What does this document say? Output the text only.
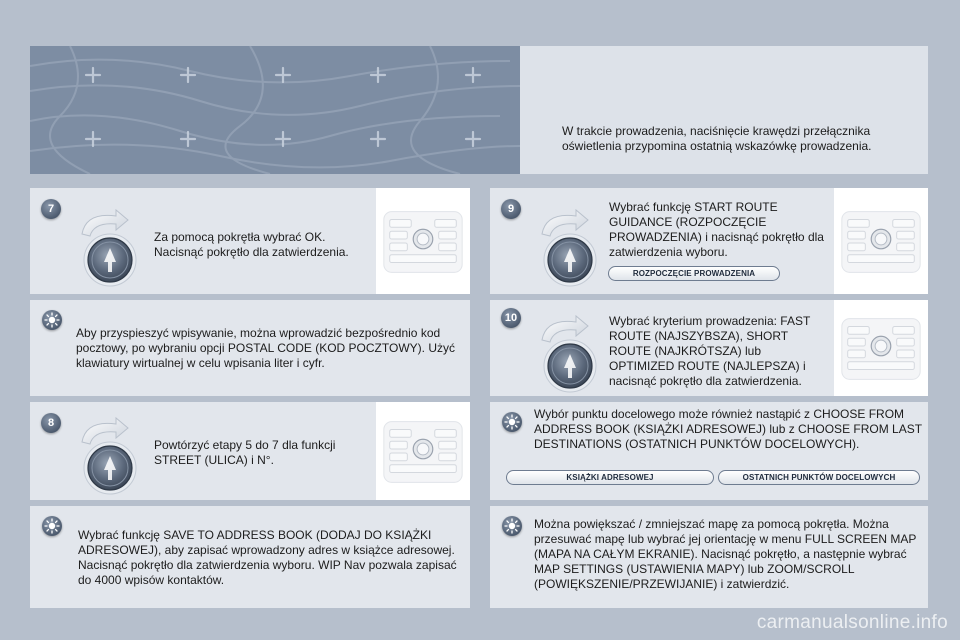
W trakcie prowadzenia, naciśnięcie krawędzi przełącznika oświetlenia przypomina ostatnią wskazówkę prowadzenia.
7
Za pomocą pokrętła wybrać OK. Nacisnąć pokrętło dla zatwierdzenia.
Aby przyspieszyć wpisywanie, można wprowadzić bezpośrednio kod pocztowy, po wybraniu opcji POSTAL CODE (KOD POCZTOWY). Użyć klawiatury wirtualnej w celu wpisania liter i cyfr.
8
Powtórzyć etapy 5 do 7 dla funkcji STREET (ULICA) i N°.
Wybrać funkcję SAVE TO ADDRESS BOOK (DODAJ DO KSIĄŻKI ADRESOWEJ), aby zapisać wprowadzony adres w książce adresowej. Nacisnąć pokrętło dla zatwierdzenia wyboru. WIP Nav pozwala zapisać do 4000 wpisów kontaktów.
9	Wybrać funkcję START ROUTE GUIDANCE (ROZPOCZĘCIE PROWADZENIA) i nacisnąć pokrętło dla zatwierdzenia wyboru.
ROZPOCZĘCIE PROWADZENIA
10	Wybrać kryterium prowadzenia: FAST ROUTE (NAJSZYBSZA), SHORT ROUTE (NAJKRÓTSZA) lub OPTIMIZED ROUTE (NAJLEPSZA) i nacisnąć pokrętło dla zatwierdzenia.
Wybór punktu docelowego może również nastąpić z CHOOSE FROM ADDRESS BOOK (KSIĄŻKI ADRESOWEJ) lub z CHOOSE FROM LAST DESTINATIONS (OSTATNICH PUNKTÓW DOCELOWYCH).
KSIĄŻKI ADRESOWEJ	OSTATNICH PUNKTÓW DOCELOWYCH
Można powiększać / zmniejszać mapę za pomocą pokrętła. Można przesuwać mapę lub wybrać jej orientację w menu FULL SCREEN MAP (MAPA NA CAŁYM EKRANIE). Nacisnąć pokrętło, a następnie wybrać MAP SETTINGS (USTAWIENIA MAPY) lub ZOOM/SCROLL (POWIĘKSZENIE/PRZEWIJANIE) i zatwierdzić.
carmanualsonline.info
